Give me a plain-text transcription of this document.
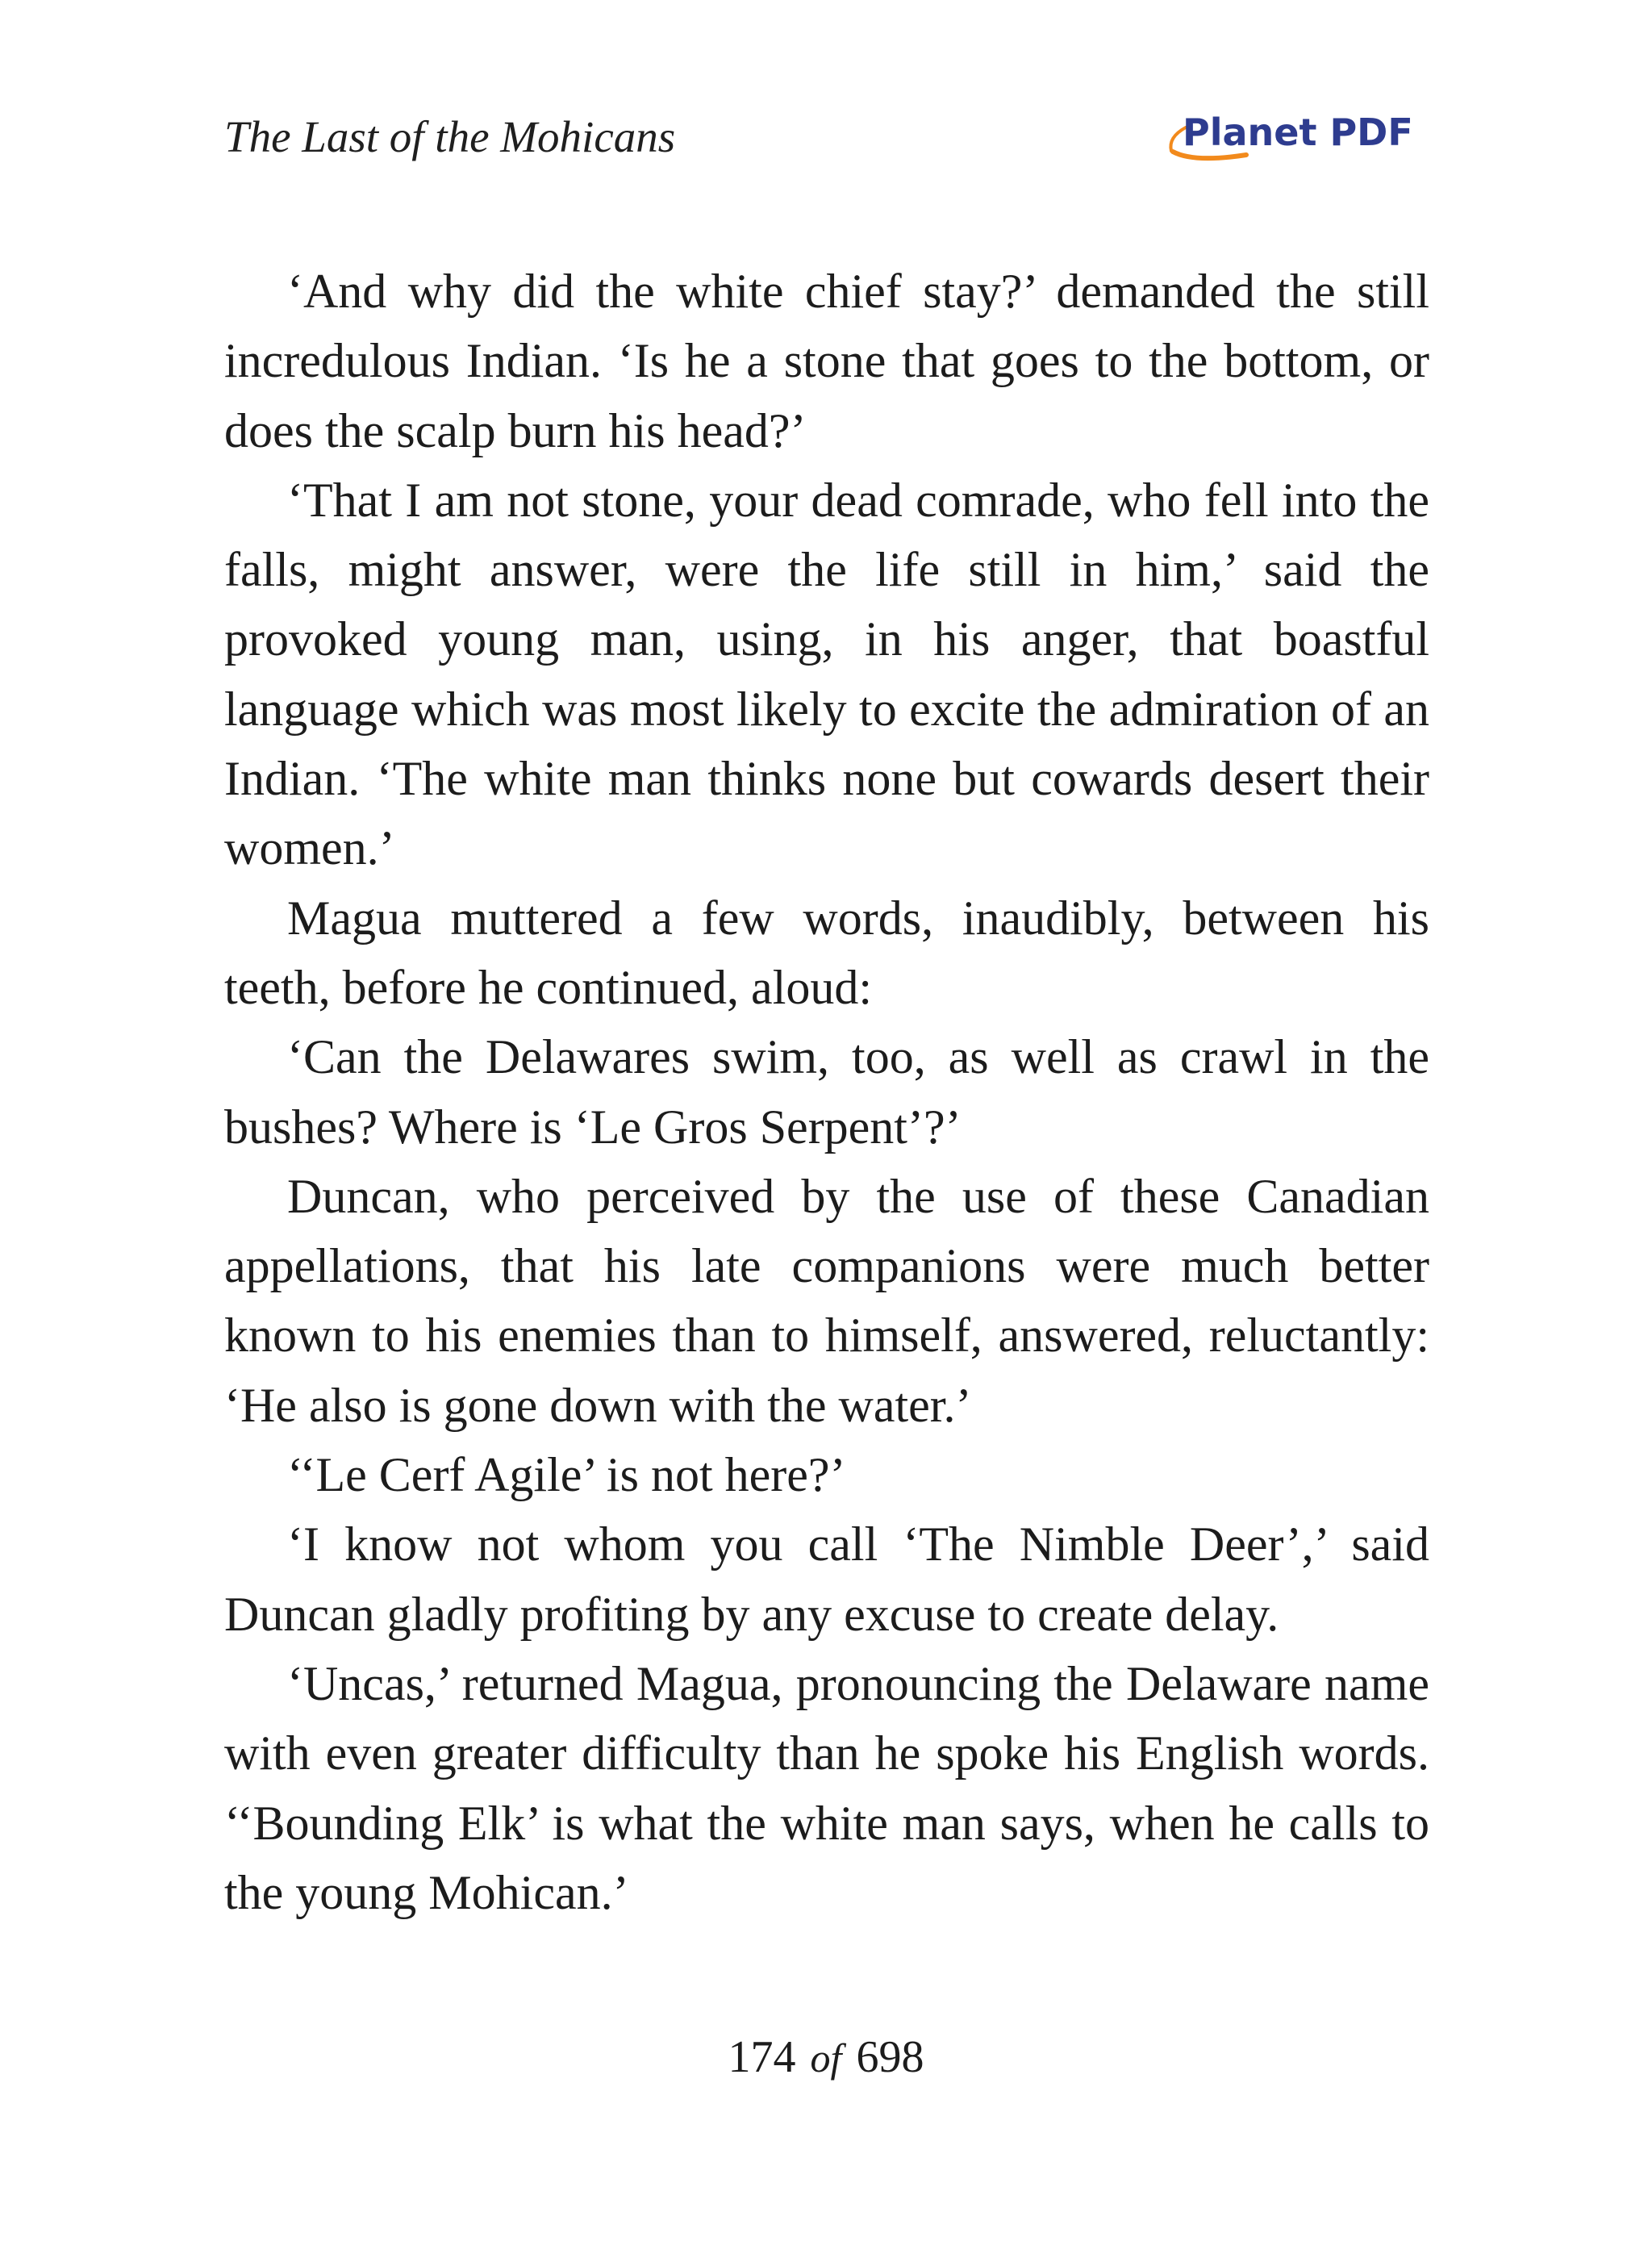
The Last of the Mohicans	Planet PDF

‘And why did the white chief stay?’ demanded the still incredulous Indian. ‘Is he a stone that goes to the bottom, or does the scalp burn his head?’

‘That I am not stone, your dead comrade, who fell into the falls, might answer, were the life still in him,’ said the provoked young man, using, in his anger, that boastful language which was most likely to excite the admiration of an Indian. ‘The white man thinks none but cowards desert their women.’

Magua muttered a few words, inaudibly, between his teeth, before he continued, aloud:

‘Can the Delawares swim, too, as well as crawl in the bushes? Where is ‘Le Gros Serpent’?’

Duncan, who perceived by the use of these Canadian appellations, that his late companions were much better known to his enemies than to himself, answered, reluctantly: ‘He also is gone down with the water.’

‘‘Le Cerf Agile’ is not here?’

‘I know not whom you call ‘The Nimble Deer’,’ said Duncan gladly profiting by any excuse to create delay.

‘Uncas,’ returned Magua, pronouncing the Delaware name with even greater difficulty than he spoke his English words. ‘‘Bounding Elk’ is what the white man says, when he calls to the young Mohican.’

174 of 698
